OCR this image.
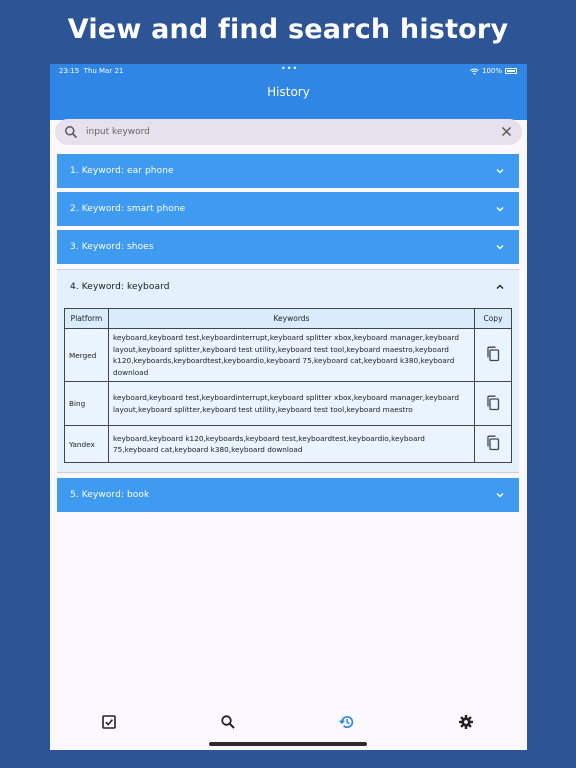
View and find search history
23:15 Thu Mar 21	•••	100%
History
input keyword
1. Keyword: ear phone
2. Keyword: smart phone
3. Keyword: shoes
4. Keyword: keyboard
Platform	Keywords	Copy
Merged	keyboard,keyboard test,keyboardinterrupt,keyboard splitter xbox,keyboard manager,keyboard layout,keyboard splitter,keyboard test utility,keyboard test tool,keyboard maestro,keyboard k120,keyboards,keyboardtest,keyboardio,keyboard 75,keyboard cat,keyboard k380,keyboard download	
Bing	keyboard,keyboard test,keyboardinterrupt,keyboard splitter xbox,keyboard manager,keyboard layout,keyboard splitter,keyboard test utility,keyboard test tool,keyboard maestro	
Yandex	keyboard,keyboard k120,keyboards,keyboard test,keyboardtest,keyboardio,keyboard 75,keyboard cat,keyboard k380,keyboard download	
5. Keyword: book
